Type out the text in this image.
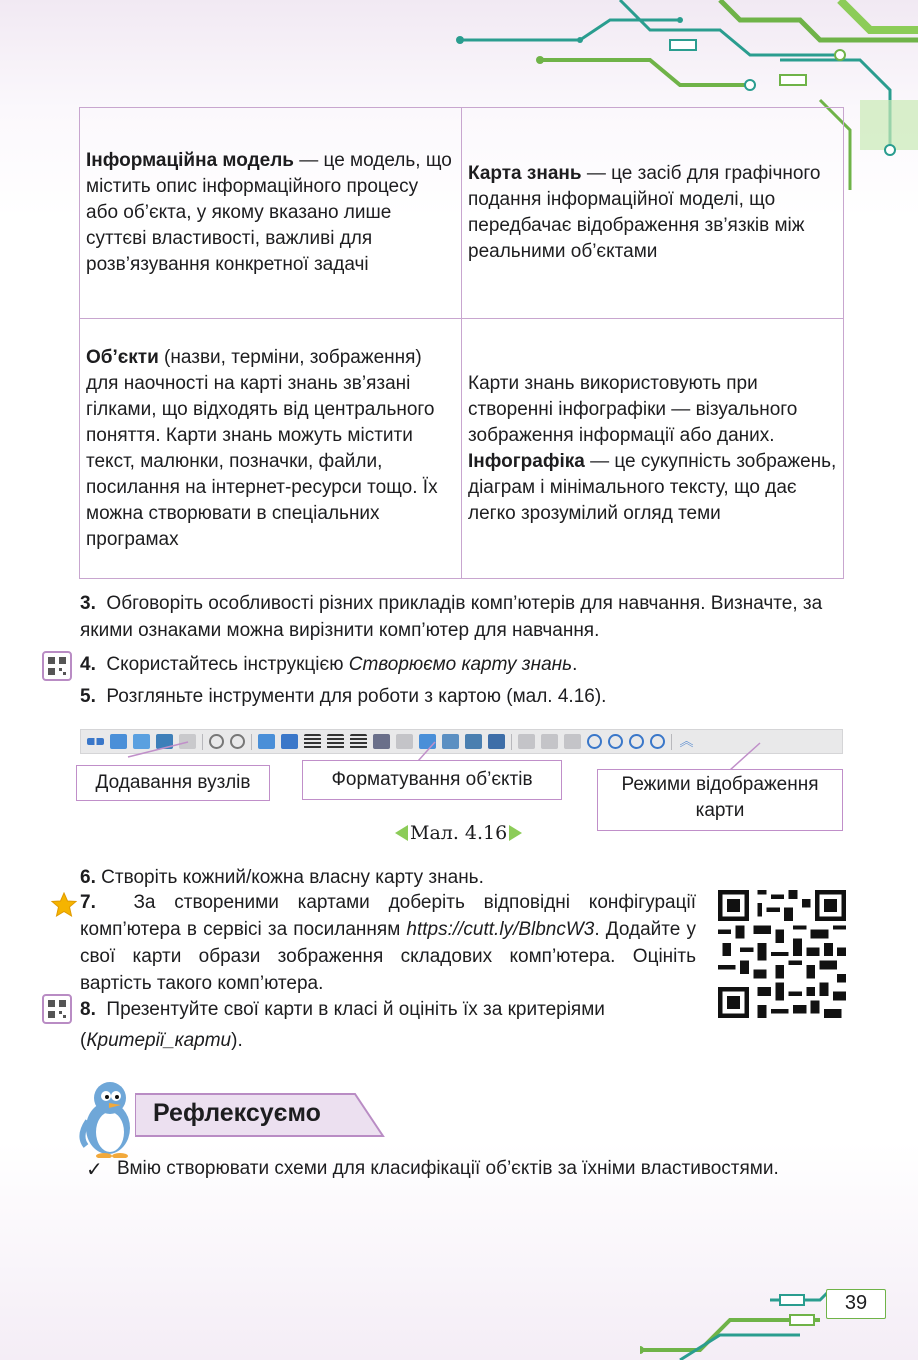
Інформаційна модель — це модель, що містить опис інформаційного процесу або об’єкта, у якому вказано лише суттєві властивості, важливі для розв’язування конкретної задачі
Карта знань — це засіб для графічного подання інформаційної моделі, що передбачає відображення зв’язків між реальними об’єктами
Об’єкти (назви, терміни, зображення) для наочності на карті знань зв’язані гілками, що відходять від центрального поняття. Карти знань можуть містити текст, малюнки, позначки, файли, посилання на інтернет-ресурси тощо. Їх можна створювати в спеціальних програмах
Карти знань використовують при створенні інфографіки — візуального зображення інформації або даних.
Інфографіка — це сукупність зображень, діаграм і мінімального тексту, що дає легко зрозумілий огляд теми
3. Обговоріть особливості різних прикладів комп’ютерів для навчання. Визначте, за якими ознаками можна вирізнити комп’ютер для навчання.
4. Скористайтесь інструкцією Створюємо карту знань.
5. Розгляньте інструменти для роботи з картою (мал. 4.16).
︽
Додавання вузлів	Форматування об’єктів	Режими відображення карти
Мал. 4.16
6. Створіть кожний/кожна власну карту знань.
7. За створеними картами доберіть відповідні конфігурації комп’ютера в сервісі за посиланням https://cutt.ly/BlbncW3. Додайте у свої карти образи зображення складових комп’ютера. Оцініть вартість такого комп’ютера.
8. Презентуйте свої карти в класі й оцініть їх за критеріями (Критерії_карти).
Рефлексуємо
✓ Вмію створювати схеми для класифікації об’єктів за їхніми властивостями.
39
